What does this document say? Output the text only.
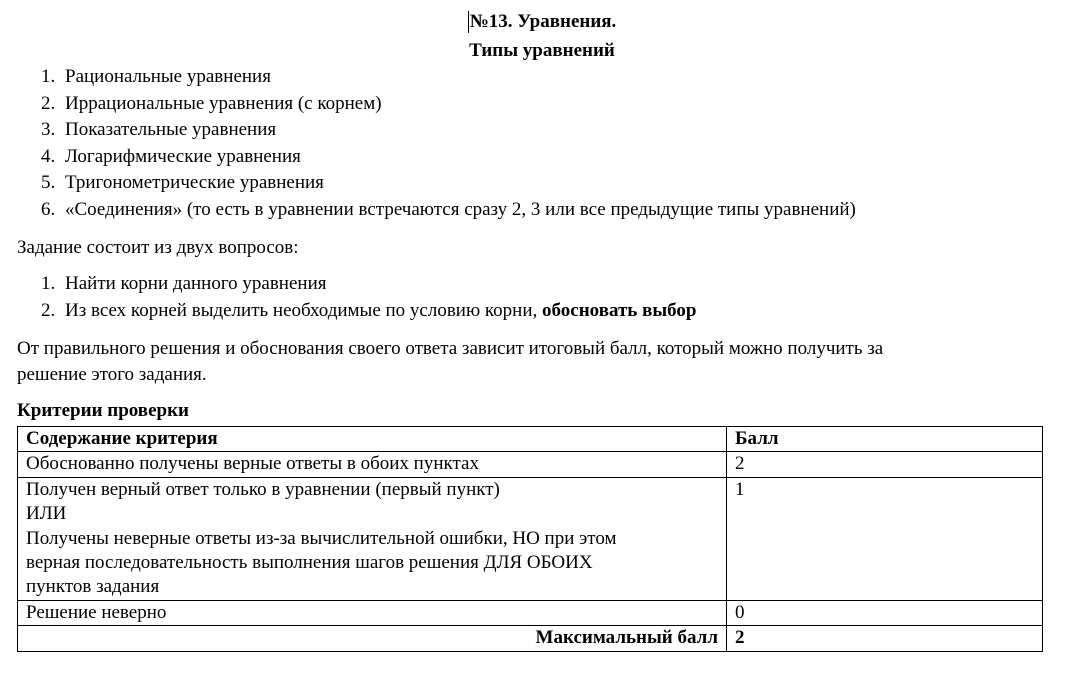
№13. Уравнения.
Типы уравнений
1. Рациональные уравнения
2. Иррациональные уравнения (с корнем)
3. Показательные уравнения
4. Логарифмические уравнения
5. Тригонометрические уравнения
6. «Соединения» (то есть в уравнении встречаются сразу 2, 3 или все предыдущие типы уравнений)
Задание состоит из двух вопросов:
1. Найти корни данного уравнения
2. Из всех корней выделить необходимые по условию корни, обосновать выбор
От правильного решения и обоснования своего ответа зависит итоговый балл, который можно получить за
решение этого задания.
Критерии проверки
Содержание критерия	Балл

Обоснованно получены верные ответы в обоих пунктах	2

Получен верный ответ только в уравнении (первый пункт)
ИЛИ
Получены неверные ответы из-за вычислительной ошибки, НО при этом
верная последовательность выполнения шагов решения ДЛЯ ОБОИХ
пунктов задания	1

Решение неверно	0
Максимальный балл	2
